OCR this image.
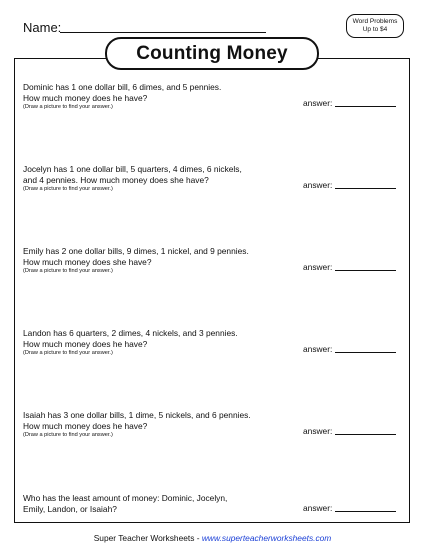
Name:	Word Problems
Up to $4
Counting Money
Dominic has 1 one dollar bill, 6 dimes, and 5 pennies.
How much money does he have?
(Draw a picture to find your answer.)	answer:
Jocelyn has 1 one dollar bill, 5 quarters, 4 dimes, 6 nickels,
and 4 pennies. How much money does she have?
(Draw a picture to find your answer.)	answer:
Emily has 2 one dollar bills, 9 dimes, 1 nickel, and 9 pennies.
How much money does she have?
(Draw a picture to find your answer.)	answer:
Landon has 6 quarters, 2 dimes, 4 nickels, and 3 pennies.
How much money does he have?
(Draw a picture to find your answer.)	answer:
Isaiah has 3 one dollar bills, 1 dime, 5 nickels, and 6 pennies.
How much money does he have?
(Draw a picture to find your answer.)	answer:
Who has the least amount of money: Dominic, Jocelyn,
Emily, Landon, or Isaiah?	answer:
Super Teacher Worksheets - www.superteacherworksheets.com
